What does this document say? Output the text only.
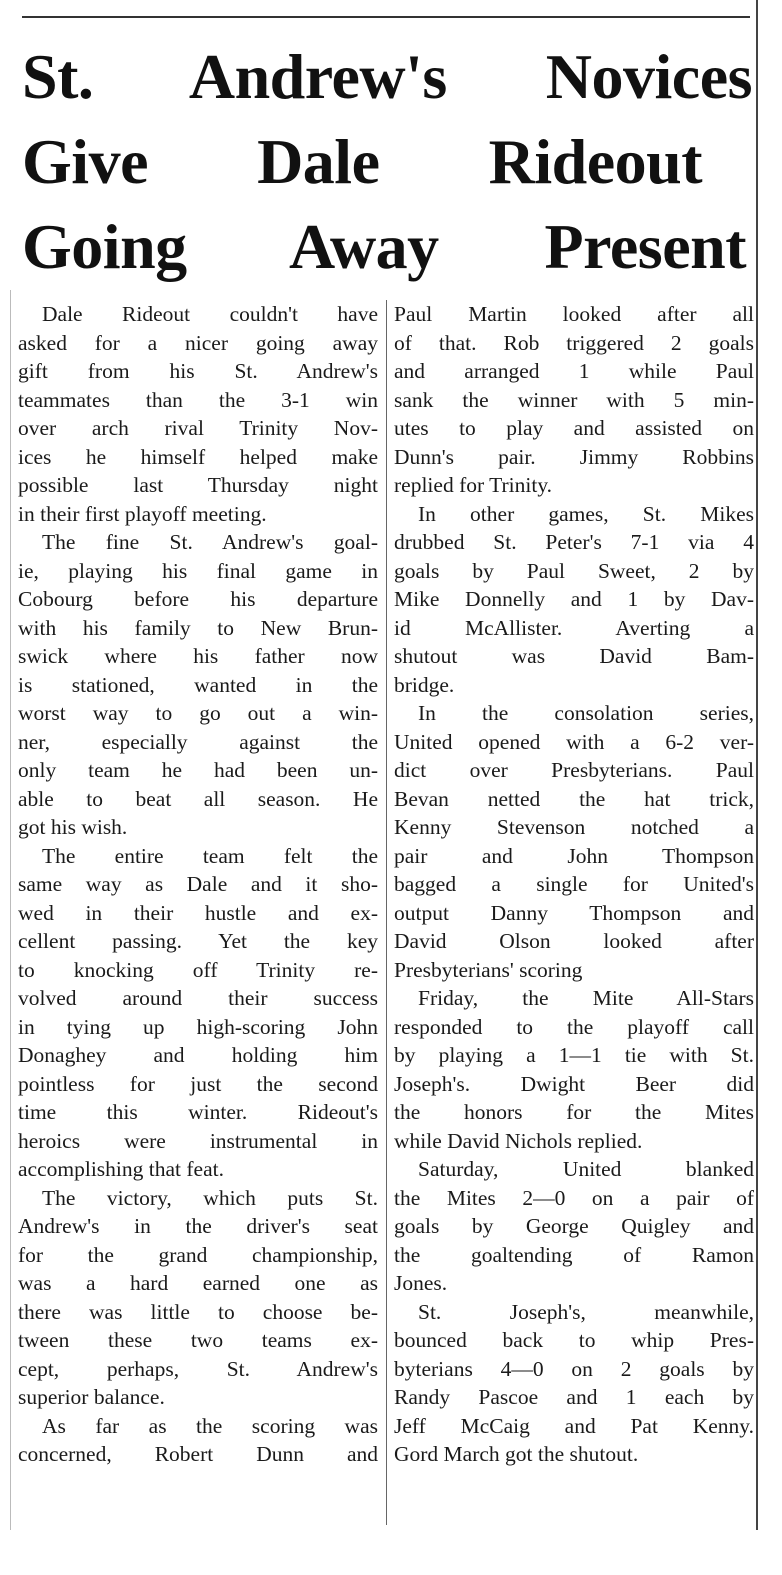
St. Andrew's Novices
Give Dale Rideout
Going Away Present
Dale Rideout couldn't have
asked for a nicer going away
gift from his St. Andrew's
teammates than the 3-1 win
over arch rival Trinity Nov-
ices he himself helped make
possible last Thursday night
in their first playoff meeting.
The fine St. Andrew's goal-
ie, playing his final game in
Cobourg before his departure
with his family to New Brun-
swick where his father now
is stationed, wanted in the
worst way to go out a win-
ner, especially against the
only team he had been un-
able to beat all season. He
got his wish.
The entire team felt the
same way as Dale and it sho-
wed in their hustle and ex-
cellent passing. Yet the key
to knocking off Trinity re-
volved around their success
in tying up high-scoring John
Donaghey and holding him
pointless for just the second
time this winter. Rideout's
heroics were instrumental in
accomplishing that feat.
The victory, which puts St.
Andrew's in the driver's seat
for the grand championship,
was a hard earned one as
there was little to choose be-
tween these two teams ex-
cept, perhaps, St. Andrew's
superior balance.
As far as the scoring was
concerned, Robert Dunn and
Paul Martin looked after all
of that. Rob triggered 2 goals
and arranged 1 while Paul
sank the winner with 5 min-
utes to play and assisted on
Dunn's pair. Jimmy Robbins
replied for Trinity.
In other games, St. Mikes
drubbed St. Peter's 7-1 via 4
goals by Paul Sweet, 2 by
Mike Donnelly and 1 by Dav-
id McAllister. Averting a
shutout was David Bam-
bridge.
In the consolation series,
United opened with a 6-2 ver-
dict over Presbyterians. Paul
Bevan netted the hat trick,
Kenny Stevenson notched a
pair and John Thompson
bagged a single for United's
output Danny Thompson and
David Olson looked after
Presbyterians' scoring
Friday, the Mite All-Stars
responded to the playoff call
by playing a 1—1 tie with St.
Joseph's. Dwight Beer did
the honors for the Mites
while David Nichols replied.
Saturday, United blanked
the Mites 2—0 on a pair of
goals by George Quigley and
the goaltending of Ramon
Jones.
St. Joseph's, meanwhile,
bounced back to whip Pres-
byterians 4—0 on 2 goals by
Randy Pascoe and 1 each by
Jeff McCaig and Pat Kenny.
Gord March got the shutout.
